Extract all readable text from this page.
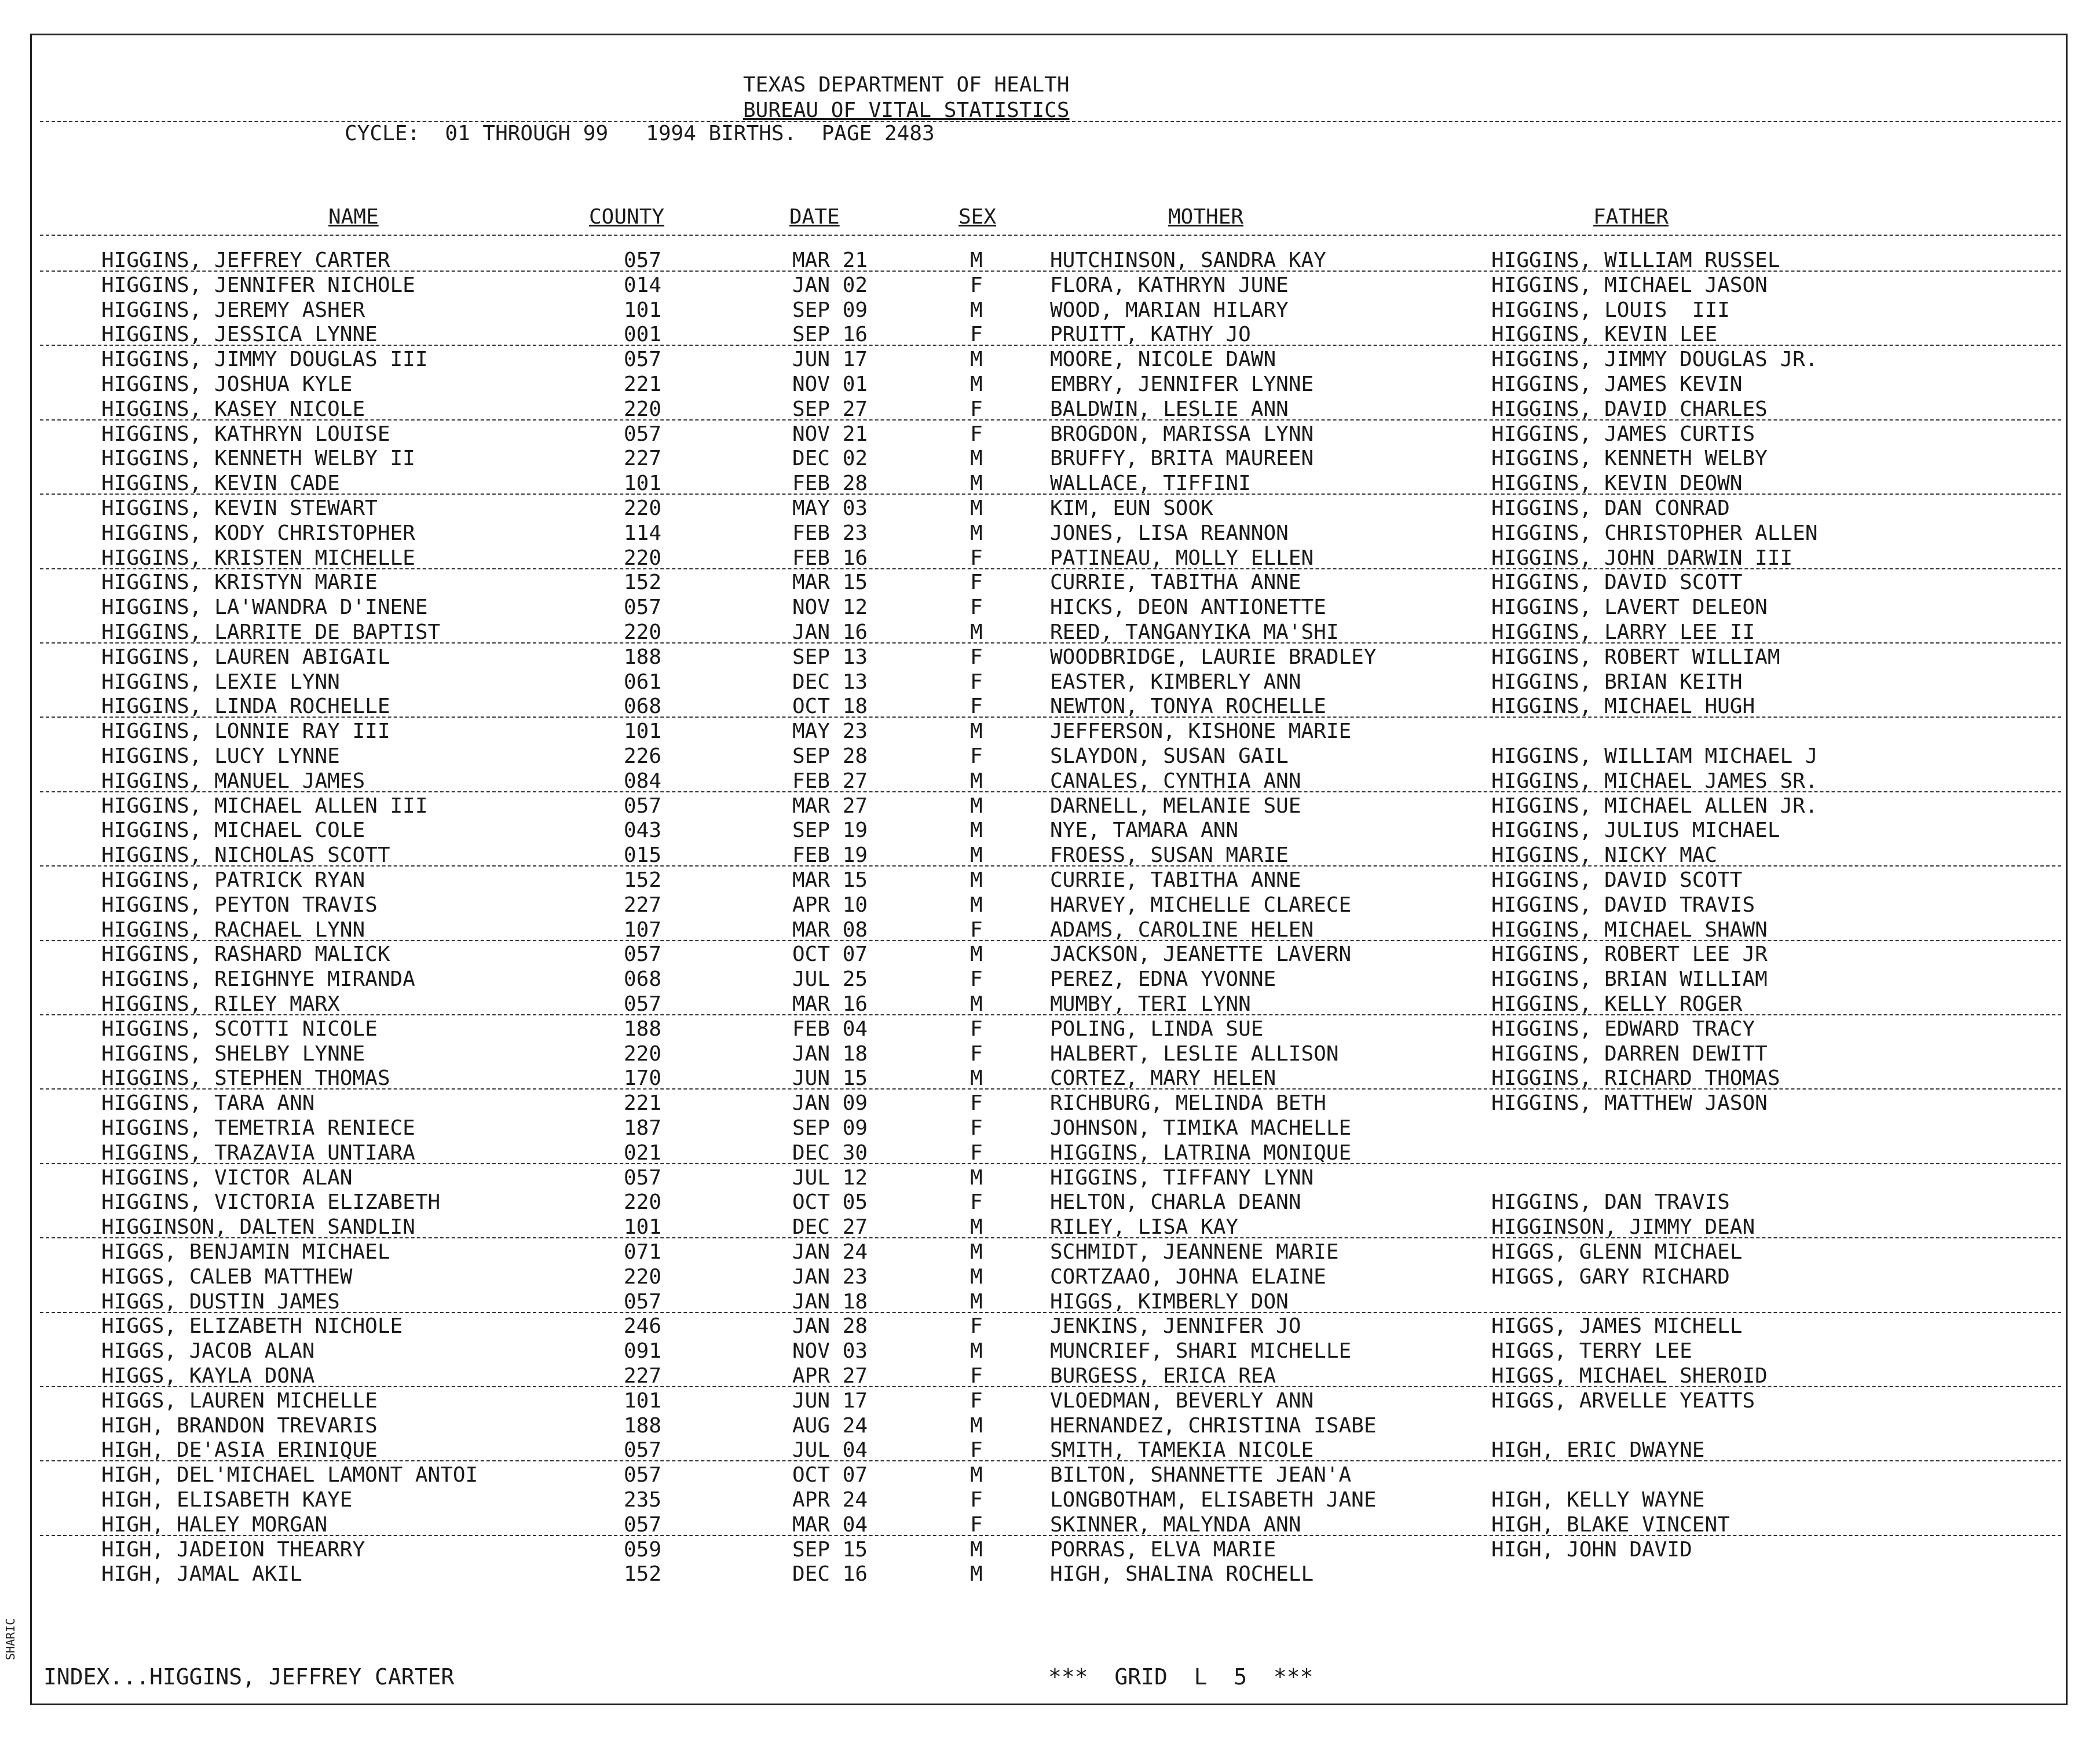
TEXAS DEPARTMENT OF HEALTH
BUREAU OF VITAL STATISTICS
CYCLE:  01 THROUGH 99   1994 BIRTHS.  PAGE 2483
NAME	COUNTY	DATE	SEX	MOTHER	FATHER
HIGGINS, JEFFREY CARTER	057	MAR 21	M	HUTCHINSON, SANDRA KAY	HIGGINS, WILLIAM RUSSEL
HIGGINS, JENNIFER NICHOLE	014	JAN 02	F	FLORA, KATHRYN JUNE	HIGGINS, MICHAEL JASON
HIGGINS, JEREMY ASHER	101	SEP 09	M	WOOD, MARIAN HILARY	HIGGINS, LOUIS  III
HIGGINS, JESSICA LYNNE	001	SEP 16	F	PRUITT, KATHY JO	HIGGINS, KEVIN LEE
HIGGINS, JIMMY DOUGLAS III	057	JUN 17	M	MOORE, NICOLE DAWN	HIGGINS, JIMMY DOUGLAS JR.
HIGGINS, JOSHUA KYLE	221	NOV 01	M	EMBRY, JENNIFER LYNNE	HIGGINS, JAMES KEVIN
HIGGINS, KASEY NICOLE	220	SEP 27	F	BALDWIN, LESLIE ANN	HIGGINS, DAVID CHARLES
HIGGINS, KATHRYN LOUISE	057	NOV 21	F	BROGDON, MARISSA LYNN	HIGGINS, JAMES CURTIS
HIGGINS, KENNETH WELBY II	227	DEC 02	M	BRUFFY, BRITA MAUREEN	HIGGINS, KENNETH WELBY
HIGGINS, KEVIN CADE	101	FEB 28	M	WALLACE, TIFFINI	HIGGINS, KEVIN DEOWN
HIGGINS, KEVIN STEWART	220	MAY 03	M	KIM, EUN SOOK	HIGGINS, DAN CONRAD
HIGGINS, KODY CHRISTOPHER	114	FEB 23	M	JONES, LISA REANNON	HIGGINS, CHRISTOPHER ALLEN
HIGGINS, KRISTEN MICHELLE	220	FEB 16	F	PATINEAU, MOLLY ELLEN	HIGGINS, JOHN DARWIN III
HIGGINS, KRISTYN MARIE	152	MAR 15	F	CURRIE, TABITHA ANNE	HIGGINS, DAVID SCOTT
HIGGINS, LA'WANDRA D'INENE	057	NOV 12	F	HICKS, DEON ANTIONETTE	HIGGINS, LAVERT DELEON
HIGGINS, LARRITE DE BAPTIST	220	JAN 16	M	REED, TANGANYIKA MA'SHI	HIGGINS, LARRY LEE II
HIGGINS, LAUREN ABIGAIL	188	SEP 13	F	WOODBRIDGE, LAURIE BRADLEY	HIGGINS, ROBERT WILLIAM
HIGGINS, LEXIE LYNN	061	DEC 13	F	EASTER, KIMBERLY ANN	HIGGINS, BRIAN KEITH
HIGGINS, LINDA ROCHELLE	068	OCT 18	F	NEWTON, TONYA ROCHELLE	HIGGINS, MICHAEL HUGH
HIGGINS, LONNIE RAY III	101	MAY 23	M	JEFFERSON, KISHONE MARIE
HIGGINS, LUCY LYNNE	226	SEP 28	F	SLAYDON, SUSAN GAIL	HIGGINS, WILLIAM MICHAEL J
HIGGINS, MANUEL JAMES	084	FEB 27	M	CANALES, CYNTHIA ANN	HIGGINS, MICHAEL JAMES SR.
HIGGINS, MICHAEL ALLEN III	057	MAR 27	M	DARNELL, MELANIE SUE	HIGGINS, MICHAEL ALLEN JR.
HIGGINS, MICHAEL COLE	043	SEP 19	M	NYE, TAMARA ANN	HIGGINS, JULIUS MICHAEL
HIGGINS, NICHOLAS SCOTT	015	FEB 19	M	FROESS, SUSAN MARIE	HIGGINS, NICKY MAC
HIGGINS, PATRICK RYAN	152	MAR 15	M	CURRIE, TABITHA ANNE	HIGGINS, DAVID SCOTT
HIGGINS, PEYTON TRAVIS	227	APR 10	M	HARVEY, MICHELLE CLARECE	HIGGINS, DAVID TRAVIS
HIGGINS, RACHAEL LYNN	107	MAR 08	F	ADAMS, CAROLINE HELEN	HIGGINS, MICHAEL SHAWN
HIGGINS, RASHARD MALICK	057	OCT 07	M	JACKSON, JEANETTE LAVERN	HIGGINS, ROBERT LEE JR
HIGGINS, REIGHNYE MIRANDA	068	JUL 25	F	PEREZ, EDNA YVONNE	HIGGINS, BRIAN WILLIAM
HIGGINS, RILEY MARX	057	MAR 16	M	MUMBY, TERI LYNN	HIGGINS, KELLY ROGER
HIGGINS, SCOTTI NICOLE	188	FEB 04	F	POLING, LINDA SUE	HIGGINS, EDWARD TRACY
HIGGINS, SHELBY LYNNE	220	JAN 18	F	HALBERT, LESLIE ALLISON	HIGGINS, DARREN DEWITT
HIGGINS, STEPHEN THOMAS	170	JUN 15	M	CORTEZ, MARY HELEN	HIGGINS, RICHARD THOMAS
HIGGINS, TARA ANN	221	JAN 09	F	RICHBURG, MELINDA BETH	HIGGINS, MATTHEW JASON
HIGGINS, TEMETRIA RENIECE	187	SEP 09	F	JOHNSON, TIMIKA MACHELLE
HIGGINS, TRAZAVIA UNTIARA	021	DEC 30	F	HIGGINS, LATRINA MONIQUE
HIGGINS, VICTOR ALAN	057	JUL 12	M	HIGGINS, TIFFANY LYNN
HIGGINS, VICTORIA ELIZABETH	220	OCT 05	F	HELTON, CHARLA DEANN	HIGGINS, DAN TRAVIS
HIGGINSON, DALTEN SANDLIN	101	DEC 27	M	RILEY, LISA KAY	HIGGINSON, JIMMY DEAN
HIGGS, BENJAMIN MICHAEL	071	JAN 24	M	SCHMIDT, JEANNENE MARIE	HIGGS, GLENN MICHAEL
HIGGS, CALEB MATTHEW	220	JAN 23	M	CORTZAAO, JOHNA ELAINE	HIGGS, GARY RICHARD
HIGGS, DUSTIN JAMES	057	JAN 18	M	HIGGS, KIMBERLY DON
HIGGS, ELIZABETH NICHOLE	246	JAN 28	F	JENKINS, JENNIFER JO	HIGGS, JAMES MICHELL
HIGGS, JACOB ALAN	091	NOV 03	M	MUNCRIEF, SHARI MICHELLE	HIGGS, TERRY LEE
HIGGS, KAYLA DONA	227	APR 27	F	BURGESS, ERICA REA	HIGGS, MICHAEL SHEROID
HIGGS, LAUREN MICHELLE	101	JUN 17	F	VLOEDMAN, BEVERLY ANN	HIGGS, ARVELLE YEATTS
HIGH, BRANDON TREVARIS	188	AUG 24	M	HERNANDEZ, CHRISTINA ISABE
HIGH, DE'ASIA ERINIQUE	057	JUL 04	F	SMITH, TAMEKIA NICOLE	HIGH, ERIC DWAYNE
HIGH, DEL'MICHAEL LAMONT ANTOI	057	OCT 07	M	BILTON, SHANNETTE JEAN'A
HIGH, ELISABETH KAYE	235	APR 24	F	LONGBOTHAM, ELISABETH JANE	HIGH, KELLY WAYNE
HIGH, HALEY MORGAN	057	MAR 04	F	SKINNER, MALYNDA ANN	HIGH, BLAKE VINCENT
HIGH, JADEION THEARRY	059	SEP 15	M	PORRAS, ELVA MARIE	HIGH, JOHN DAVID
HIGH, JAMAL AKIL	152	DEC 16	M	HIGH, SHALINA ROCHELL
INDEX...HIGGINS, JEFFREY CARTER	***  GRID  L  5  ***
SHARIC
